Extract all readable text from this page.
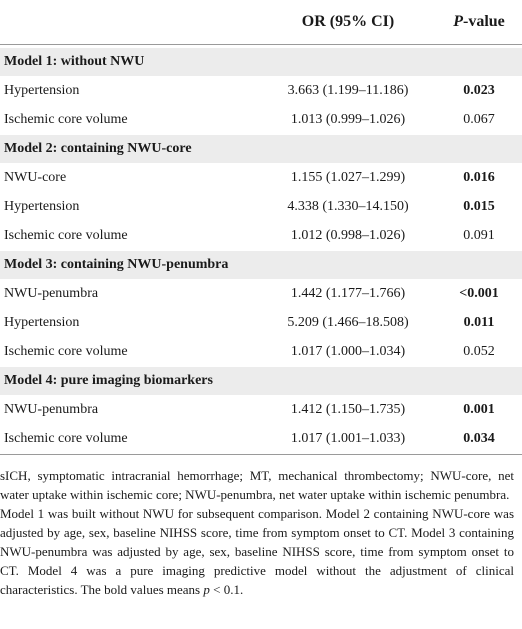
OR (95% CI)	P-value
Model 1: without NWU
Hypertension	3.663 (1.199–11.186)	0.023
Ischemic core volume	1.013 (0.999–1.026)	0.067
Model 2: containing NWU-core
NWU-core	1.155 (1.027–1.299)	0.016
Hypertension	4.338 (1.330–14.150)	0.015
Ischemic core volume	1.012 (0.998–1.026)	0.091
Model 3: containing NWU-penumbra
NWU-penumbra	1.442 (1.177–1.766)	<0.001
Hypertension	5.209 (1.466–18.508)	0.011
Ischemic core volume	1.017 (1.000–1.034)	0.052
Model 4: pure imaging biomarkers
NWU-penumbra	1.412 (1.150–1.735)	0.001
Ischemic core volume	1.017 (1.001–1.033)	0.034

sICH, symptomatic intracranial hemorrhage; MT, mechanical thrombectomy; NWU-core, net water uptake within ischemic core; NWU-penumbra, net water uptake within ischemic penumbra.

Model 1 was built without NWU for subsequent comparison. Model 2 containing NWU-core was adjusted by age, sex, baseline NIHSS score, time from symptom onset to CT. Model 3 containing NWU-penumbra was adjusted by age, sex, baseline NIHSS score, time from symptom onset to CT. Model 4 was a pure imaging predictive model without the adjustment of clinical characteristics. The bold values means p < 0.1.
